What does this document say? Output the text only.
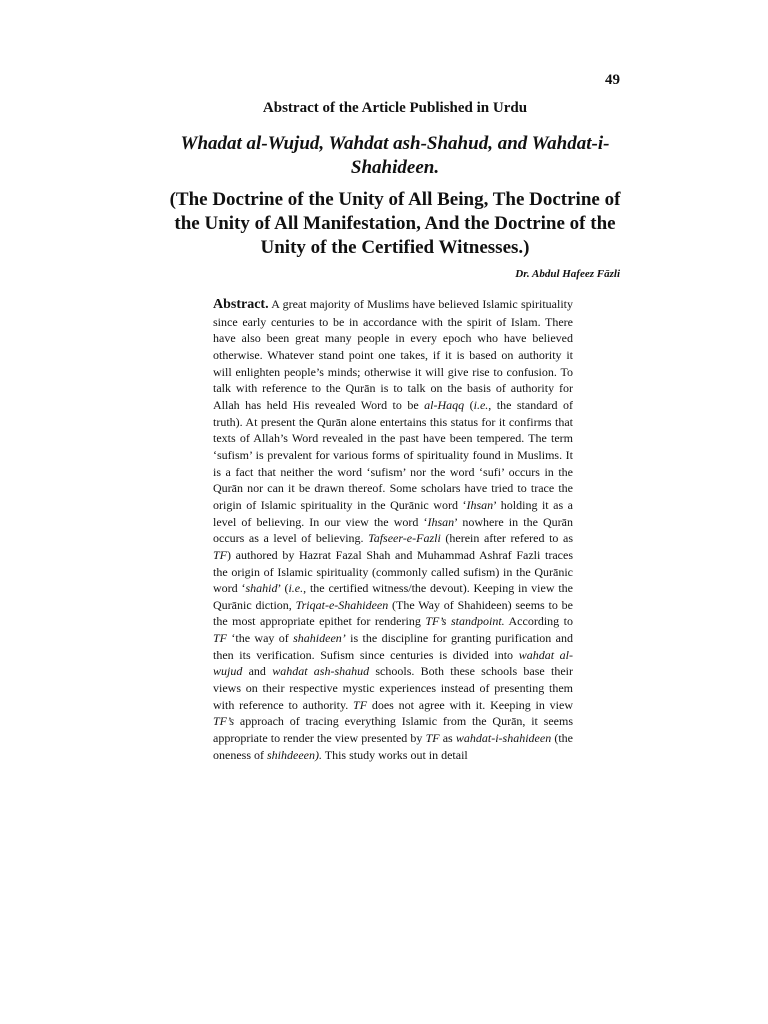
49
Abstract of the Article Published in Urdu
Whadat al-Wujud, Wahdat ash-Shahud, and Wahdat-i-Shahideen.
(The Doctrine of the Unity of All Being, The Doctrine of the Unity of All Manifestation, And the Doctrine of the Unity of the Certified Witnesses.)
Dr. Abdul Hafeez Fāzli
Abstract. A great majority of Muslims have believed Islamic spirituality since early centuries to be in accordance with the spirit of Islam. There have also been great many people in every epoch who have believed otherwise. Whatever stand point one takes, if it is based on authority it will enlighten people’s minds; otherwise it will give rise to confusion. To talk with reference to the Qurān is to talk on the basis of authority for Allah has held His revealed Word to be al-Haqq (i.e., the standard of truth). At present the Qurān alone entertains this status for it confirms that texts of Allah’s Word revealed in the past have been tempered. The term ‘sufism’ is prevalent for various forms of spirituality found in Muslims. It is a fact that neither the word ‘sufism’ nor the word ‘sufi’ occurs in the Qurān nor can it be drawn thereof. Some scholars have tried to trace the origin of Islamic spirituality in the Qurānic word ‘Ihsan’ holding it as a level of believing. In our view the word ‘Ihsan’ nowhere in the Qurān occurs as a level of believing. Tafseer-e-Fazli (herein after refered to as TF) authored by Hazrat Fazal Shah and Muhammad Ashraf Fazli traces the origin of Islamic spirituality (commonly called sufism) in the Qurānic word ‘shahid’ (i.e., the certified witness/the devout). Keeping in view the Qurānic diction, Triqat-e-Shahideen (The Way of Shahideen) seems to be the most appropriate epithet for rendering TF’s standpoint. According to TF ‘the way of shahideen’ is the discipline for granting purification and then its verification. Sufism since centuries is divided into wahdat al-wujud and wahdat ash-shahud schools. Both these schools base their views on their respective mystic experiences instead of presenting them with reference to authority. TF does not agree with it. Keeping in view TF’s approach of tracing everything Islamic from the Qurān, it seems appropriate to render the view presented by TF as wahdat-i-shahideen (the oneness of shihdeeen). This study works out in detail
